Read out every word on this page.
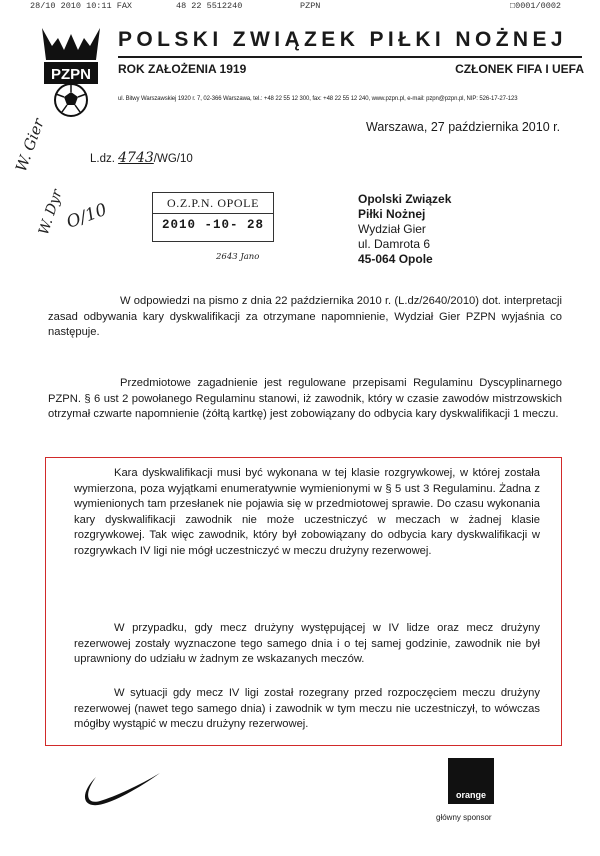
28/10 2010 10:11 FAX	48 22 5512240	PZPN	□0001/0002
PZPN
POLSKI ZWIĄZEK PIŁKI NOŻNEJ
ROK ZAŁOŻENIA 1919	CZŁONEK FIFA I UEFA
ul. Bitwy Warszawskiej 1920 r. 7, 02-366 Warszawa, tel.: +48 22 55 12 300, fax: +48 22 55 12 240, www.pzpn.pl, e-mail: pzpn@pzpn.pl, NIP: 526-17-27-123
Warszawa, 27 października 2010 r.
L.dz. 4743/WG/10
W. Gier
W. Dyr
O/10	O.Z.P.N. OPOLE
2010 -10- 28
2643 Jano
Opolski Związek
Piłki Nożnej
Wydział Gier
ul. Damrota 6
45-064 Opole

W odpowiedzi na pismo z dnia 22 października 2010 r. (L.dz/2640/2010) dot. interpretacji zasad odbywania kary dyskwalifikacji za otrzymane napomnienie, Wydział Gier PZPN wyjaśnia co następuje.

Przedmiotowe zagadnienie jest regulowane przepisami Regulaminu Dyscyplinarnego PZPN. § 6 ust 2 powołanego Regulaminu stanowi, iż zawodnik, który w czasie zawodów mistrzowskich otrzymał czwarte napomnienie (żółtą kartkę) jest zobowiązany do odbycia kary dyskwalifikacji 1 meczu.

Kara dyskwalifikacji musi być wykonana w tej klasie rozgrywkowej, w której została wymierzona, poza wyjątkami enumeratywnie wymienionymi w § 5 ust 3 Regulaminu. Żadna z wymienionych tam przesłanek nie pojawia się w przedmiotowej sprawie. Do czasu wykonania kary dyskwalifikacji zawodnik nie może uczestniczyć w meczach w żadnej klasie rozgrywkowej. Tak więc zawodnik, który był zobowiązany do odbycia kary dyskwalifikacji w rozgrywkach IV ligi nie mógł uczestniczyć w meczu drużyny rezerwowej.

W przypadku, gdy mecz drużyny występującej w IV lidze oraz mecz drużyny rezerwowej zostały wyznaczone tego samego dnia i o tej samej godzinie, zawodnik nie był uprawniony do udziału w żadnym ze wskazanych meczów.

W sytuacji gdy mecz IV ligi został rozegrany przed rozpoczęciem meczu drużyny rezerwowej (nawet tego samego dnia) i zawodnik w tym meczu nie uczestniczył, to wówczas mógłby wystąpić w meczu drużyny rezerwowej.

orange
główny sponsor
